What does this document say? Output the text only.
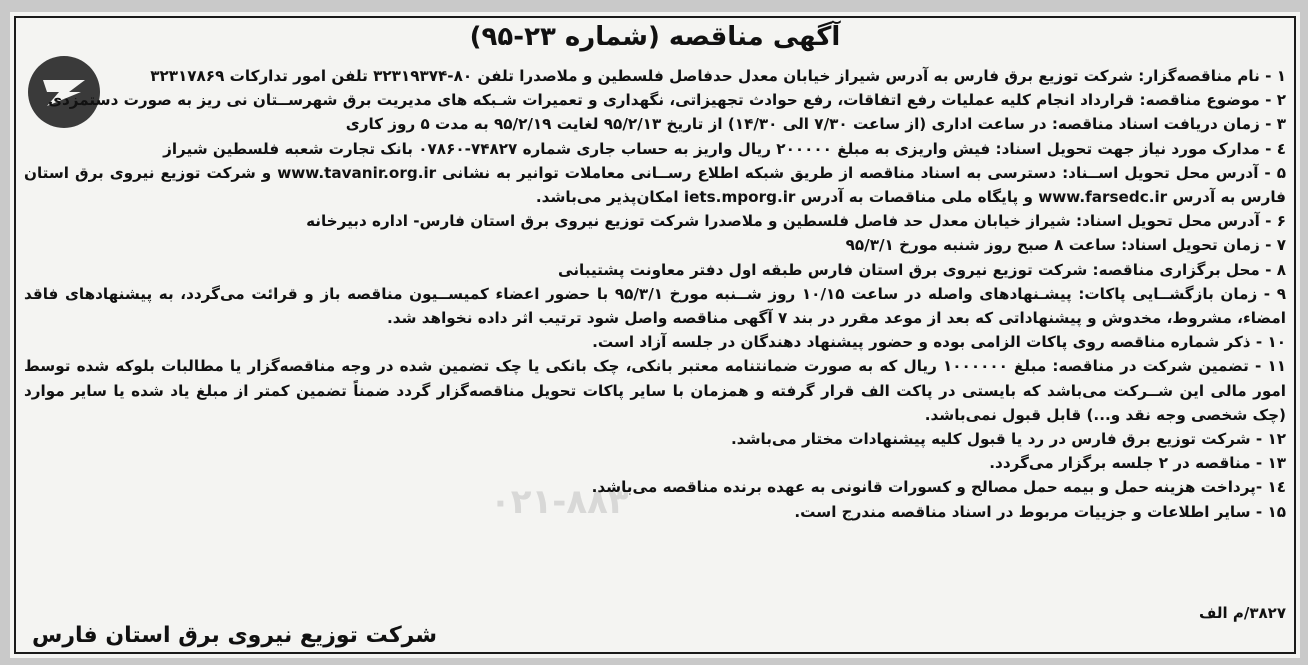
آگهی مناقصه (شماره ۲۳-۹۵)
۰۲۱-۸۸۳

۱ - نام مناقصه‌گزار: شرکت توزیع برق فارس به آدرس شیراز خیابان معدل حدفاصل فلسطین و ملاصدرا تلفن ۸۰-۳۲۳۱۹۳۷۴ تلفن امور تدارکات ۳۲۳۱۷۸۶۹

۲ - موضوع مناقصه: قرارداد انجام کلیه عملیات رفع اتفاقات، رفع حوادث تجهیزاتی، نگهداری و تعمیرات شـبکه های مدیریت برق شهرســتان نی ریز به صورت دستمزدی

۳ - زمان دریافت اسناد مناقصه: در ساعت اداری (از ساعت ۷/۳۰ الی ۱۴/۳۰) از تاریخ ۹۵/۲/۱۳ لغایت ۹۵/۲/۱۹ به مدت ۵ روز کاری

٤ - مدارک مورد نیاز جهت تحویل اسناد: فیش واریزی به مبلغ ۲۰۰۰۰۰ ریال واریز به حساب جاری شماره ۷۴۸۲۷-۰۷۸۶۰ بانک تجارت شعبه فلسطین شیراز

۵ - آدرس محل تحویل اســناد: دسترسی به اسناد مناقصه از طریق شبکه اطلاع رســانی معاملات توانیر به نشانی www.tavanir.org.ir و شرکت توزیع نیروی برق استان فارس به آدرس www.farsedc.ir و پایگاه ملی مناقصات به آدرس iets.mporg.ir امکان‌پذیر می‌باشد.

۶ - آدرس محل تحویل اسناد: شیراز خیابان معدل حد فاصل فلسطین و ملاصدرا شرکت توزیع نیروی برق استان فارس- اداره دبیرخانه

۷ - زمان تحویل اسناد: ساعت ۸ صبح روز شنبه مورخ ۹۵/۳/۱

۸ - محل برگزاری مناقصه: شرکت توزیع نیروی برق استان فارس طبقه اول دفتر معاونت پشتیبانی

۹ - زمان بازگشــایی پاکات: پیشـنهادهای واصله در ساعت ۱۰/۱۵ روز شــنبه مورخ ۹۵/۳/۱ با حضور اعضاء کمیســیون مناقصه باز و قرائت می‌گردد، به پیشنهادهای فاقد امضاء، مشروط، مخدوش و پیشنهاداتی که بعد از موعد مقرر در بند ۷ آگهی مناقصه واصل شود ترتیب اثر داده نخواهد شد.

۱۰ - ذکر شماره مناقصه روی پاکات الزامی بوده و حضور پیشنهاد دهندگان در جلسه آزاد است.

۱۱ - تضمین شرکت در مناقصه: مبلغ ۱۰۰۰۰۰۰ ریال که به صورت ضمانتنامه معتبر بانکی، چک بانکی یا چک تضمین شده در وجه مناقصه‌گزار یا مطالبات بلوکه شده توسط امور مالی این شــرکت می‌باشد که بایستی در پاکت الف قرار گرفته و همزمان با سایر پاکات تحویل مناقصه‌گزار گردد ضمناً تضمین کمتر از مبلغ یاد شده یا سایر موارد (چک شخصی وجه نقد و...) قابل قبول نمی‌باشد.

۱۲ - شرکت توزیع برق فارس در رد یا قبول کلیه پیشنهادات مختار می‌باشد.

۱۳ - مناقصه در ۲ جلسه برگزار می‌گردد.

۱٤ -پرداخت هزینه حمل و بیمه حمل مصالح و کسورات قانونی به عهده برنده مناقصه می‌باشد.

۱۵ - سایر اطلاعات و جزییات مربوط در اسناد مناقصه مندرج است.

۳۸۲۷/م الف
شرکت توزیع نیروی برق استان فارس
